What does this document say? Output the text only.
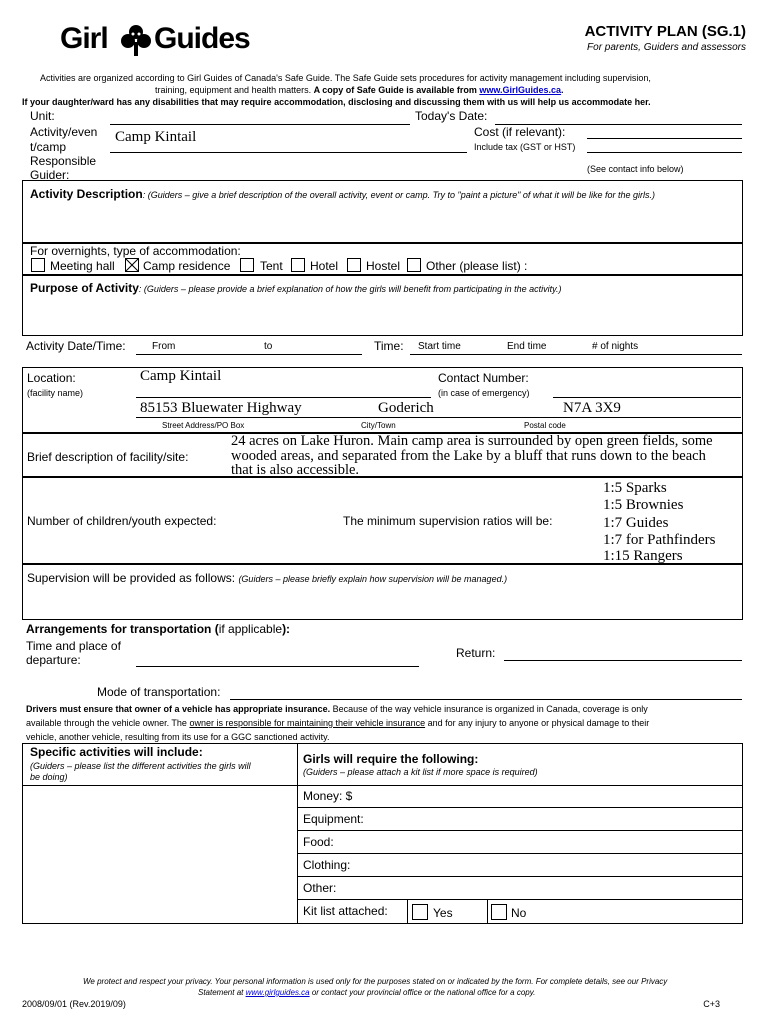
Girl Guides	ACTIVITY PLAN (SG.1)
For parents, Guiders and assessors
Activities are organized according to Girl Guides of Canada's Safe Guide. The Safe Guide sets procedures for activity management including supervision,
training, equipment and health matters. A copy of Safe Guide is available from www.GirlGuides.ca.
If your daughter/ward has any disabilities that may require accommodation, disclosing and discussing them with us will help us accommodate her.
Unit:	Today's Date:
Activity/even
t/camp
Camp Kintail	Cost (if relevant):
Include tax (GST or HST)
Responsible
Guider:	(See contact info below)
Activity Description: (Guiders – give a brief description of the overall activity, event or camp. Try to "paint a picture" of what it will be like for the girls.)
For overnights, type of accommodation:
Meeting hall Camp residence Tent Hotel Hostel Other (please list) :
Purpose of Activity: (Guiders – please provide a brief explanation of how the girls will benefit from participating in the activity.)
Activity Date/Time:	From	to	Time: Start time	End time	# of nights
Location:
(facility name)
Camp Kintail	Contact Number:
(in case of emergency)
85153 Bluewater Highway	Goderich	N7A 3X9
Street Address/PO Box	City/Town	Postal code
Brief description of facility/site:
24 acres on Lake Huron. Main camp area is surrounded by open green fields, some
wooded areas, and separated from the Lake by a bluff that runs down to the beach
that is also accessible.
Number of children/youth expected:	The minimum supervision ratios will be:
1:5 Sparks
1:5 Brownies
1:7 Guides
1:7 for Pathfinders
1:15 Rangers
Supervision will be provided as follows: (Guiders – please briefly explain how supervision will be managed.)
Arrangements for transportation (if applicable):
Time and place of
departure:	Return:
Mode of transportation:
Drivers must ensure that owner of a vehicle has appropriate insurance. Because of the way vehicle insurance is organized in Canada, coverage is only
available through the vehicle owner. The owner is responsible for maintaining their vehicle insurance and for any injury to anyone or physical damage to their
vehicle, another vehicle, resulting from its use for a GGC sanctioned activity.
Specific activities will include:
(Guiders – please list the different activities the girls will
be doing)
Girls will require the following:
(Guiders – please attach a kit list if more space is required)
Money: $
Equipment:
Food:
Clothing:
Other:
Kit list attached:	Yes	No
We protect and respect your privacy. Your personal information is used only for the purposes stated on or indicated by the form. For complete details, see our Privacy
Statement at www.girlguides.ca or contact your provincial office or the national office for a copy.
2008/09/01 (Rev.2019/09)	C+3
